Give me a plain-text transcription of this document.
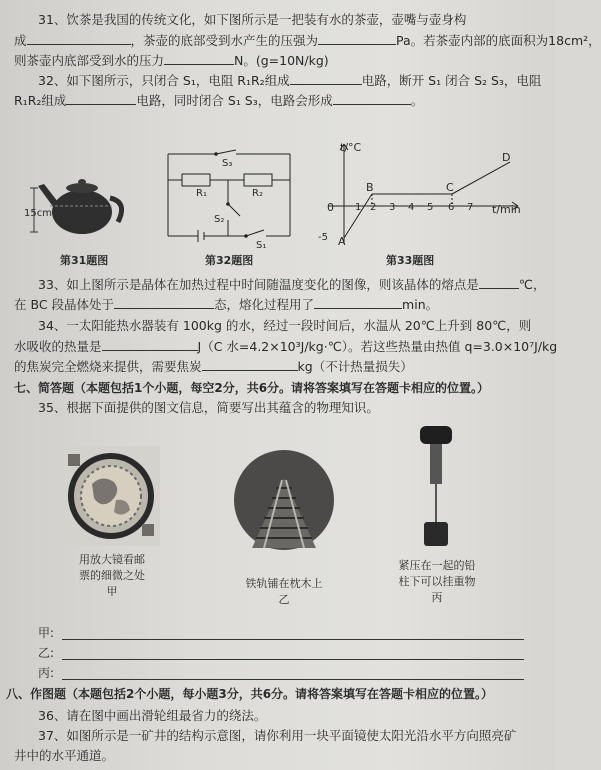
31、饮茶是我国的传统文化，如下图所示是一把装有水的茶壶，壶嘴与壶身构
成	，茶壶的底部受到水产生的压强为	Pa。若茶壶内部的底面积为18cm²，
则茶壶内底部受到水的压力	N。(g=10N/kg)
32、如下图所示，只闭合 S₁，电阻 R₁R₂组成	电路，断开 S₁ 闭合 S₂ S₃，电阻
R₁R₂组成	电路，同时闭合 S₁ S₃，电路会形成	。
15cm
第31题图
S₃
R₁	R₂
S₂
S₁
第32题图
t/°C
t/min
B	C
D
A
0 1 2 3 4 5 6 7
-5
第33题图
33、如上图所示是晶体在加热过程中时间随温度变化的图像，则该晶体的熔点是	℃，
在 BC 段晶体处于	态，熔化过程用了	min。
34、一太阳能热水器装有 100kg 的水，经过一段时间后，水温从 20℃上升到 80℃，则
水吸收的热量是	J（C 水=4.2×10³J/kg·℃）。若这些热量由热值 q=3.0×10⁷J/kg
的焦炭完全燃烧来提供，需要焦炭	kg（不计热量损失）
七、简答题（本题包括1个小题，每空2分，共6分。请将答案填写在答题卡相应的位置。）
35、根据下面提供的图文信息，简要写出其蕴含的物理知识。
用放大镜看邮
票的细微之处
甲
铁轨铺在枕木上
乙
紧压在一起的铅
柱下可以挂重物
丙
甲:
乙:
丙:
八、作图题（本题包括2个小题，每小题3分，共6分。请将答案填写在答题卡相应的位置。）
36、请在图中画出滑轮组最省力的绕法。
37、如图所示是一矿井的结构示意图，请你利用一块平面镜使太阳光沿水平方向照亮矿
井中的水平通道。
